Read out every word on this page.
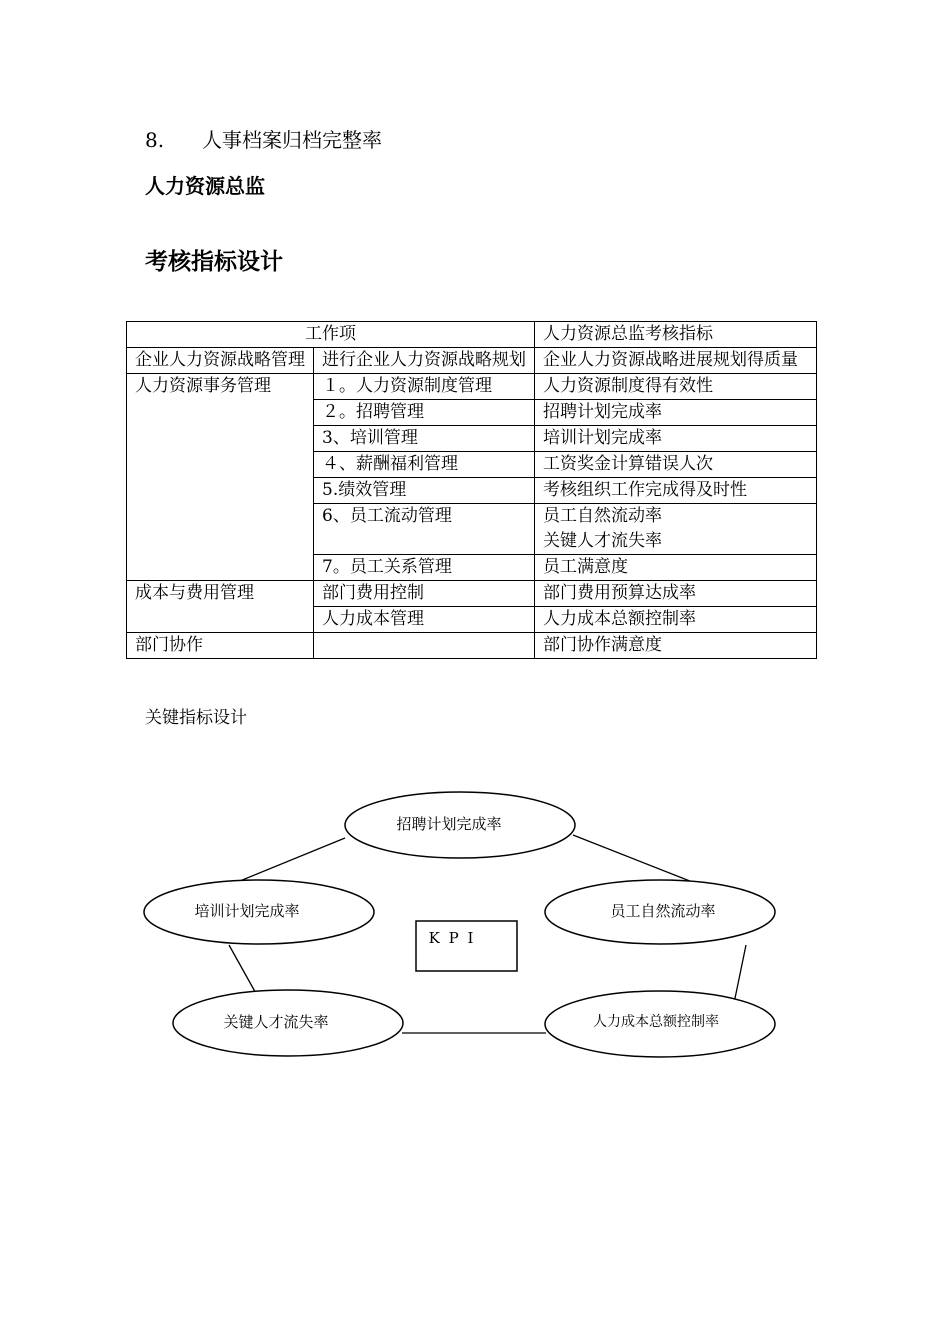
8. 人事档案归档完整率
人力资源总监
考核指标设计
工作项		人力资源总监考核指标
企业人力资源战略管理	进行企业人力资源战略规划	企业人力资源战略进展规划得质量
人力资源事务管理	１。人力资源制度管理	人力资源制度得有效性
	２。招聘管理	招聘计划完成率
	3、培训管理	培训计划完成率
	４、薪酬福利管理	工资奖金计算错误人次
	5.绩效管理	考核组织工作完成得及时性
	6、员工流动管理	员工自然流动率
关键人才流失率

	7。员工关系管理	员工满意度
成本与费用管理	部门费用控制	部门费用预算达成率
	人力成本管理	人力成本总额控制率
部门协作		部门协作满意度
关键指标设计
招聘计划完成率
培训计划完成率	员工自然流动率
关键人才流失率	人力成本总额控制率
K P I
